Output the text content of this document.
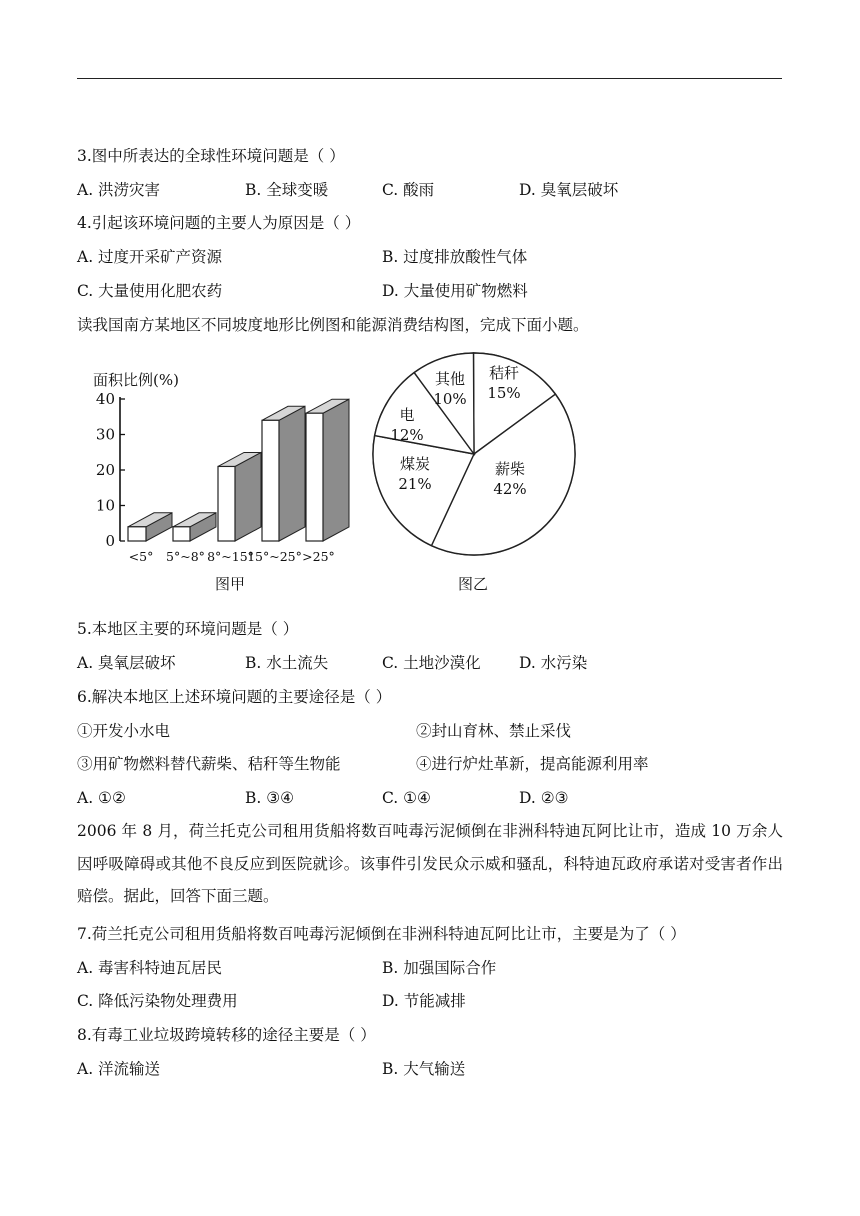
3.图中所表达的全球性环境问题是（ ）
A. 洪涝灾害	B. 全球变暖	C. 酸雨	D. 臭氧层破坏
4.引起该环境问题的主要人为原因是（ ）
A. 过度开采矿产资源	B. 过度排放酸性气体
C. 大量使用化肥农药	D. 大量使用矿物燃料
读我国南方某地区不同坡度地形比例图和能源消费结构图，完成下面小题。
面积比例(%)
0
10
20
30
40
<5° 5°~8° 8°~15°
15°~25° >25°
图甲
秸秆
15%
薪柴
42%
煤炭
21%
电
12%
其他
10%
图乙
5.本地区主要的环境问题是（ ）
A. 臭氧层破坏	B. 水土流失	C. 土地沙漠化 D. 水污染
6.解决本地区上述环境问题的主要途径是（ ）
①开发小水电	②封山育林、禁止采伐
③用矿物燃料替代薪柴、秸秆等生物能	④进行炉灶革新，提高能源利用率
A. ①②	B. ③④	C. ①④	D. ②③
2006 年 8 月，荷兰托克公司租用货船将数百吨毒污泥倾倒在非洲科特迪瓦阿比让市，造成 10 万余人因呼吸障碍或其他不良反应到医院就诊。该事件引发民众示威和骚乱，科特迪瓦政府承诺对受害者作出赔偿。据此，回答下面三题。
7.荷兰托克公司租用货船将数百吨毒污泥倾倒在非洲科特迪瓦阿比让市，主要是为了（ ）
A. 毒害科特迪瓦居民	B. 加强国际合作
C. 降低污染物处理费用	D. 节能减排
8.有毒工业垃圾跨境转移的途径主要是（ ）
A. 洋流输送	B. 大气输送
